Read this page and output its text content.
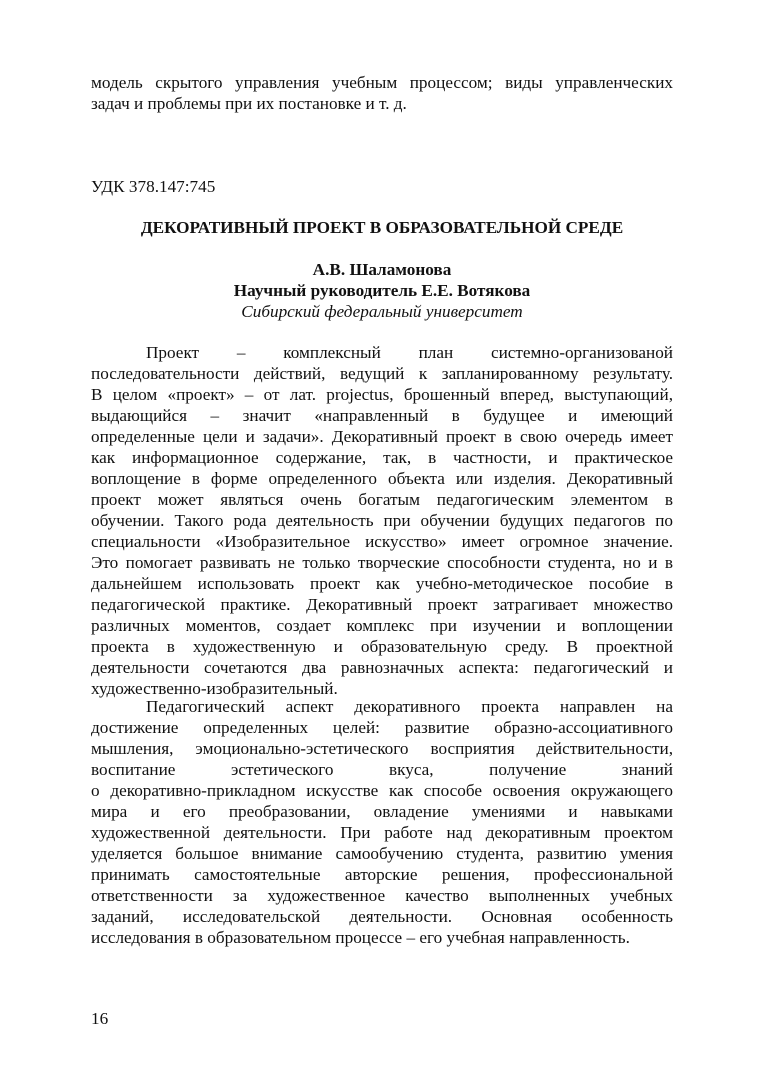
модель скрытого управления учебным процессом; виды управленческих
задач и проблемы при их постановке и т. д.
УДК 378.147:745
ДЕКОРАТИВНЫЙ ПРОЕКТ В ОБРАЗОВАТЕЛЬНОЙ СРЕДЕ
А.В. Шаламонова
Научный руководитель Е.Е. Вотякова
Сибирский федеральный университет
Проект – комплексный план системно-организованой
последовательности действий, ведущий к запланированному результату.
В целом «проект» – от лат. projectus, брошенный вперед, выступающий,
выдающийся – значит «направленный в будущее и имеющий
определенные цели и задачи». Декоративный проект в свою очередь имеет
как информационное содержание, так, в частности, и практическое
воплощение в форме определенного объекта или изделия. Декоративный
проект может являться очень богатым педагогическим элементом в
обучении. Такого рода деятельность при обучении будущих педагогов по
специальности «Изобразительное искусство» имеет огромное значение.
Это помогает развивать не только творческие способности студента, но и в
дальнейшем использовать проект как учебно-методическое пособие в
педагогической практике. Декоративный проект затрагивает множество
различных моментов, создает комплекс при изучении и воплощении
проекта в художественную и образовательную среду. В проектной
деятельности сочетаются два равнозначных аспекта: педагогический и
художественно-изобразительный.
Педагогический аспект декоративного проекта направлен на
достижение определенных целей: развитие образно-ассоциативного
мышления, эмоционально-эстетического восприятия действительности,
воспитание эстетического вкуса, получение знаний
о декоративно-прикладном искусстве как способе освоения окружающего
мира и его преобразовании, овладение умениями и навыками
художественной деятельности. При работе над декоративным проектом
уделяется большое внимание самообучению студента, развитию умения
принимать самостоятельные авторские решения, профессиональной
ответственности за художественное качество выполненных учебных
заданий, исследовательской деятельности. Основная особенность
исследования в образовательном процессе – его учебная направленность.
16
